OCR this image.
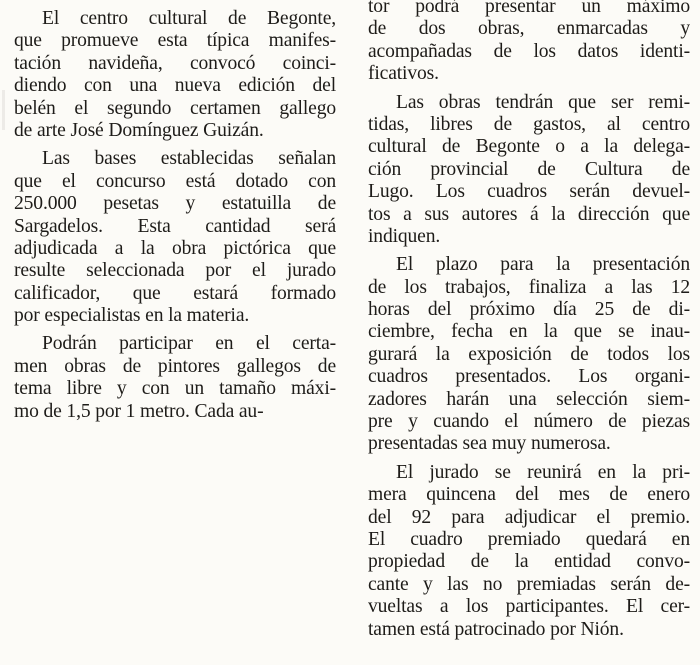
El centro cultural de Begonte,
que promueve esta típica manifes-
tación navideña, convocó coinci-
diendo con una nueva edición del
belén el segundo certamen gallego
de arte José Domínguez Guizán.
Las bases establecidas señalan
que el concurso está dotado con
250.000 pesetas y estatuilla de
Sargadelos. Esta cantidad será
adjudicada a la obra pictórica que
resulte seleccionada por el jurado
calificador, que estará formado
por especialistas en la materia.
Podrán participar en el certa-
men obras de pintores gallegos de
tema libre y con un tamaño máxi-
mo de 1,5 por 1 metro. Cada au-
tor podrá presentar un máximo
de dos obras, enmarcadas y
acompañadas de los datos identi-
ficativos.
Las obras tendrán que ser remi-
tidas, libres de gastos, al centro
cultural de Begonte o a la delega-
ción provincial de Cultura de
Lugo. Los cuadros serán devuel-
tos a sus autores á la dirección que
indiquen.
El plazo para la presentación
de los trabajos, finaliza a las 12
horas del próximo día 25 de di-
ciembre, fecha en la que se inau-
gurará la exposición de todos los
cuadros presentados. Los organi-
zadores harán una selección siem-
pre y cuando el número de piezas
presentadas sea muy numerosa.
El jurado se reunirá en la pri-
mera quincena del mes de enero
del 92 para adjudicar el premio.
El cuadro premiado quedará en
propiedad de la entidad convo-
cante y las no premiadas serán de-
vueltas a los participantes. El cer-
tamen está patrocinado por Nión.
